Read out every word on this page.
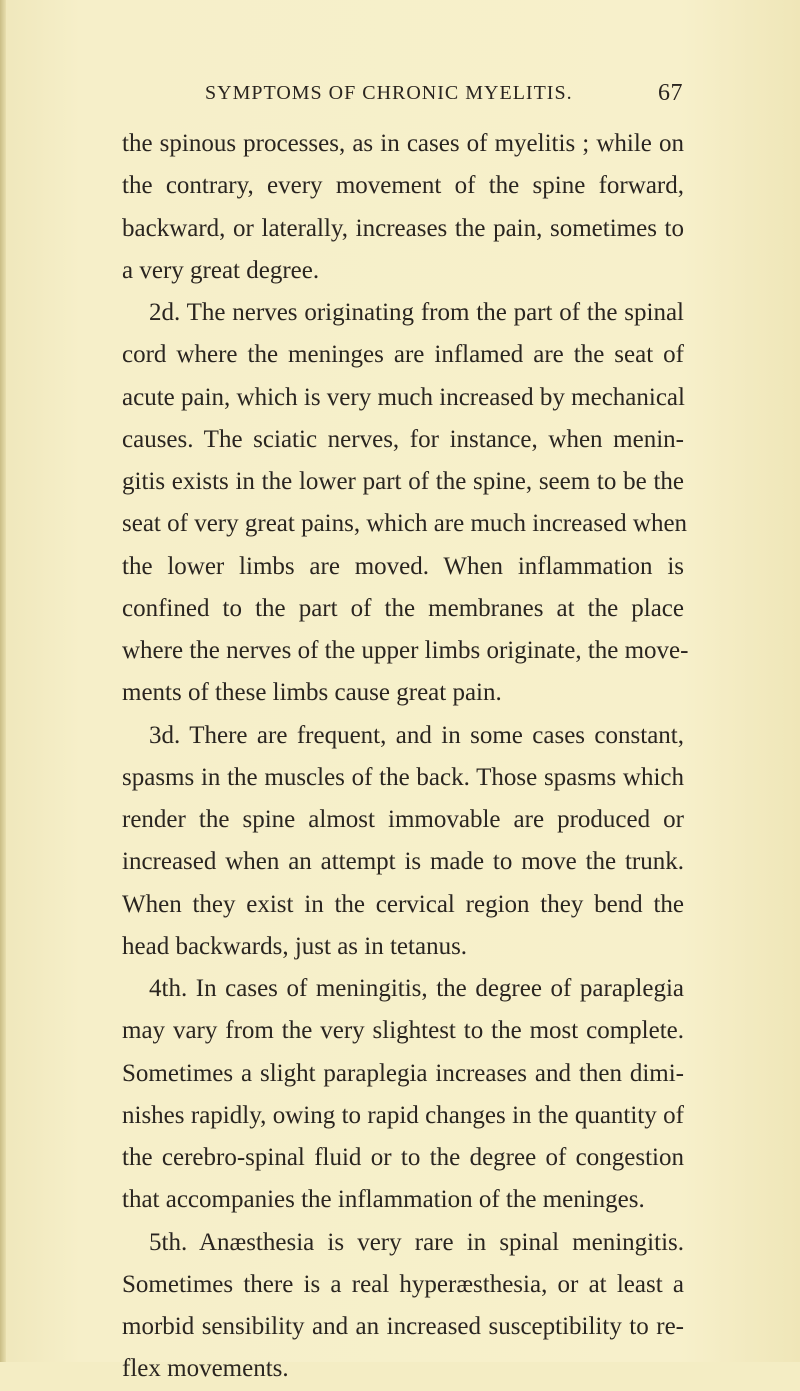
SYMPTOMS OF CHRONIC MYELITIS.	67
the spinous processes, as in cases of myelitis ; while on
the contrary, every movement of the spine forward,
backward, or laterally, increases the pain, sometimes to
a very great degree.
2d. The nerves originating from the part of the spinal
cord where the meninges are inflamed are the seat of
acute pain, which is very much increased by mechanical
causes. The sciatic nerves, for instance, when menin-
gitis exists in the lower part of the spine, seem to be the
seat of very great pains, which are much increased when
the lower limbs are moved. When inflammation is
confined to the part of the membranes at the place
where the nerves of the upper limbs originate, the move-
ments of these limbs cause great pain.
3d. There are frequent, and in some cases constant,
spasms in the muscles of the back. Those spasms which
render the spine almost immovable are produced or
increased when an attempt is made to move the trunk.
When they exist in the cervical region they bend the
head backwards, just as in tetanus.
4th. In cases of meningitis, the degree of paraplegia
may vary from the very slightest to the most complete.
Sometimes a slight paraplegia increases and then dimi-
nishes rapidly, owing to rapid changes in the quantity of
the cerebro-spinal fluid or to the degree of congestion
that accompanies the inflammation of the meninges.
5th. Anæsthesia is very rare in spinal meningitis.
Sometimes there is a real hyperæsthesia, or at least a
morbid sensibility and an increased susceptibility to re-
flex movements.
